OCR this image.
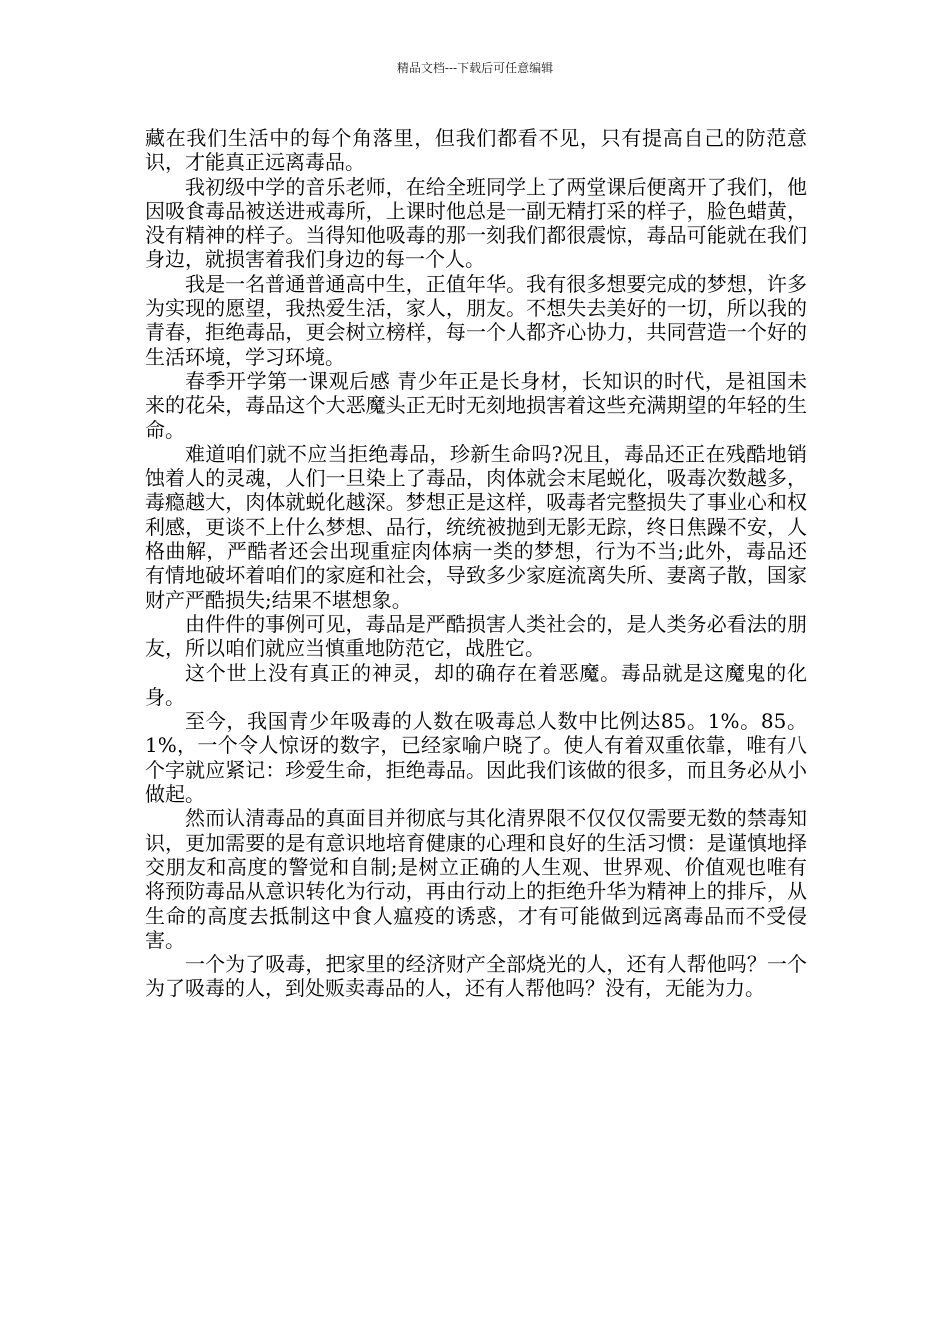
精品文档---下载后可任意编辑

藏在我们生活中的每个角落里，但我们都看不见，只有提高自己的防范意识，才能真正远离毒品。

我初级中学的音乐老师，在给全班同学上了两堂课后便离开了我们，他因吸食毒品被送进戒毒所，上课时他总是一副无精打采的样子，脸色蜡黄，没有精神的样子。当得知他吸毒的那一刻我们都很震惊，毒品可能就在我们身边，就损害着我们身边的每一个人。

我是一名普通普通高中生，正值年华。我有很多想要完成的梦想，许多为实现的愿望，我热爱生活，家人，朋友。不想失去美好的一切，所以我的青春，拒绝毒品，更会树立榜样，每一个人都齐心协力，共同营造一个好的生活环境，学习环境。

春季开学第一课观后感 青少年正是长身材，长知识的时代，是祖国未来的花朵，毒品这个大恶魔头正无时无刻地损害着这些充满期望的年轻的生命。

难道咱们就不应当拒绝毒品，珍新生命吗?况且，毒品还正在残酷地销蚀着人的灵魂，人们一旦染上了毒品，肉体就会末尾蜕化，吸毒次数越多，毒瘾越大，肉体就蜕化越深。梦想正是这样，吸毒者完整损失了事业心和权利感，更谈不上什么梦想、品行，统统被抛到无影无踪，终日焦躁不安，人格曲解，严酷者还会出现重症肉体病一类的梦想，行为不当;此外，毒品还有情地破坏着咱们的家庭和社会，导致多少家庭流离失所、妻离子散，国家财产严酷损失;结果不堪想象。

由件件的事例可见，毒品是严酷损害人类社会的，是人类务必看法的朋友，所以咱们就应当慎重地防范它，战胜它。

这个世上没有真正的神灵，却的确存在着恶魔。毒品就是这魔鬼的化身。

至今，我国青少年吸毒的人数在吸毒总人数中比例达85。1%。85。1%，一个令人惊讶的数字，已经家喻户晓了。使人有着双重依靠，唯有八个字就应紧记：珍爱生命，拒绝毒品。因此我们该做的很多，而且务必从小做起。

然而认清毒品的真面目并彻底与其化清界限不仅仅仅需要无数的禁毒知识，更加需要的是有意识地培育健康的心理和良好的生活习惯：是谨慎地择交朋友和高度的警觉和自制;是树立正确的人生观、世界观、价值观也唯有将预防毒品从意识转化为行动，再由行动上的拒绝升华为精神上的排斥，从生命的高度去抵制这中食人瘟疫的诱惑，才有可能做到远离毒品而不受侵害。

一个为了吸毒，把家里的经济财产全部烧光的人，还有人帮他吗？一个为了吸毒的人，到处贩卖毒品的人，还有人帮他吗？没有，无能为力。
